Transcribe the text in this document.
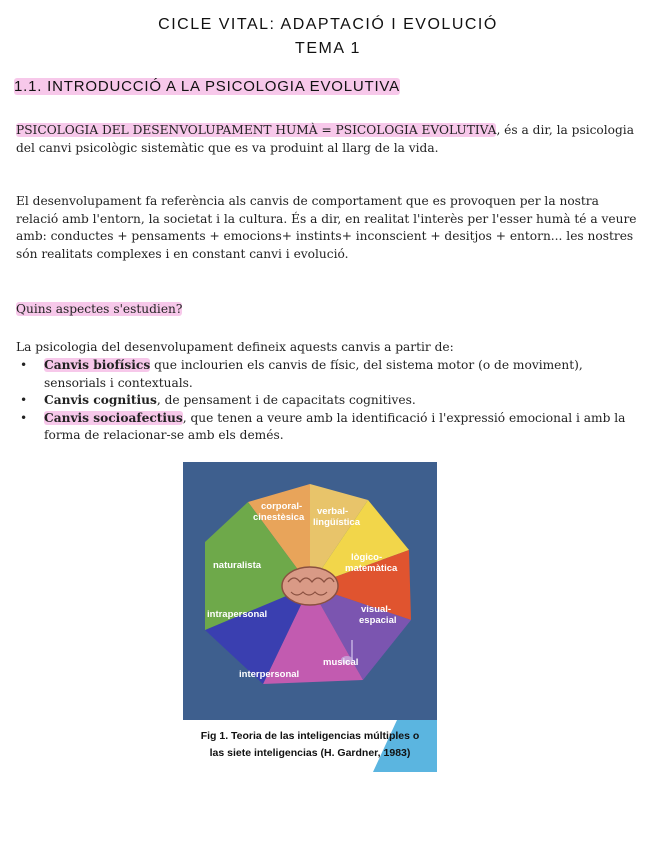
CICLE VITAL: ADAPTACIÓ I EVOLUCIÓ
TEMA 1
1.1. INTRODUCCIÓ A LA PSICOLOGIA EVOLUTIVA
PSICOLOGIA DEL DESENVOLUPAMENT HUMÀ = PSICOLOGIA EVOLUTIVA, és a dir, la psicologia del canvi psicològic sistemàtic que es va produint al llarg de la vida.
El desenvolupament fa referència als canvis de comportament que es provoquen per la nostra relació amb l'entorn, la societat i la cultura. És a dir, en realitat l'interès per l'esser humà té a veure amb: conductes + pensaments + emocions+ instints+ inconscient + desitjos + entorn... les nostres són realitats complexes i en constant canvi i evolució.
Quins aspectes s'estudien?
La psicologia del desenvolupament defineix aquests canvis a partir de:
• Canvis biofísics que inclourien els canvis de físic, del sistema motor (o de moviment), sensorials i contextuals.
• Canvis cognitius, de pensament i de capacitats cognitives.
• Canvis socioafectius, que tenen a veure amb la identificació i l'expressió emocional i amb la forma de relacionar-se amb els demés.
corporal-
cinestèsica
verbal-
lingüística
lògico-
matemàtica
visual-
espacial
musical
interpersonal
intrapersonal
naturalista
Fig 1. Teoria de las inteligencias múltiples o
las siete inteligencias (H. Gardner, 1983)
